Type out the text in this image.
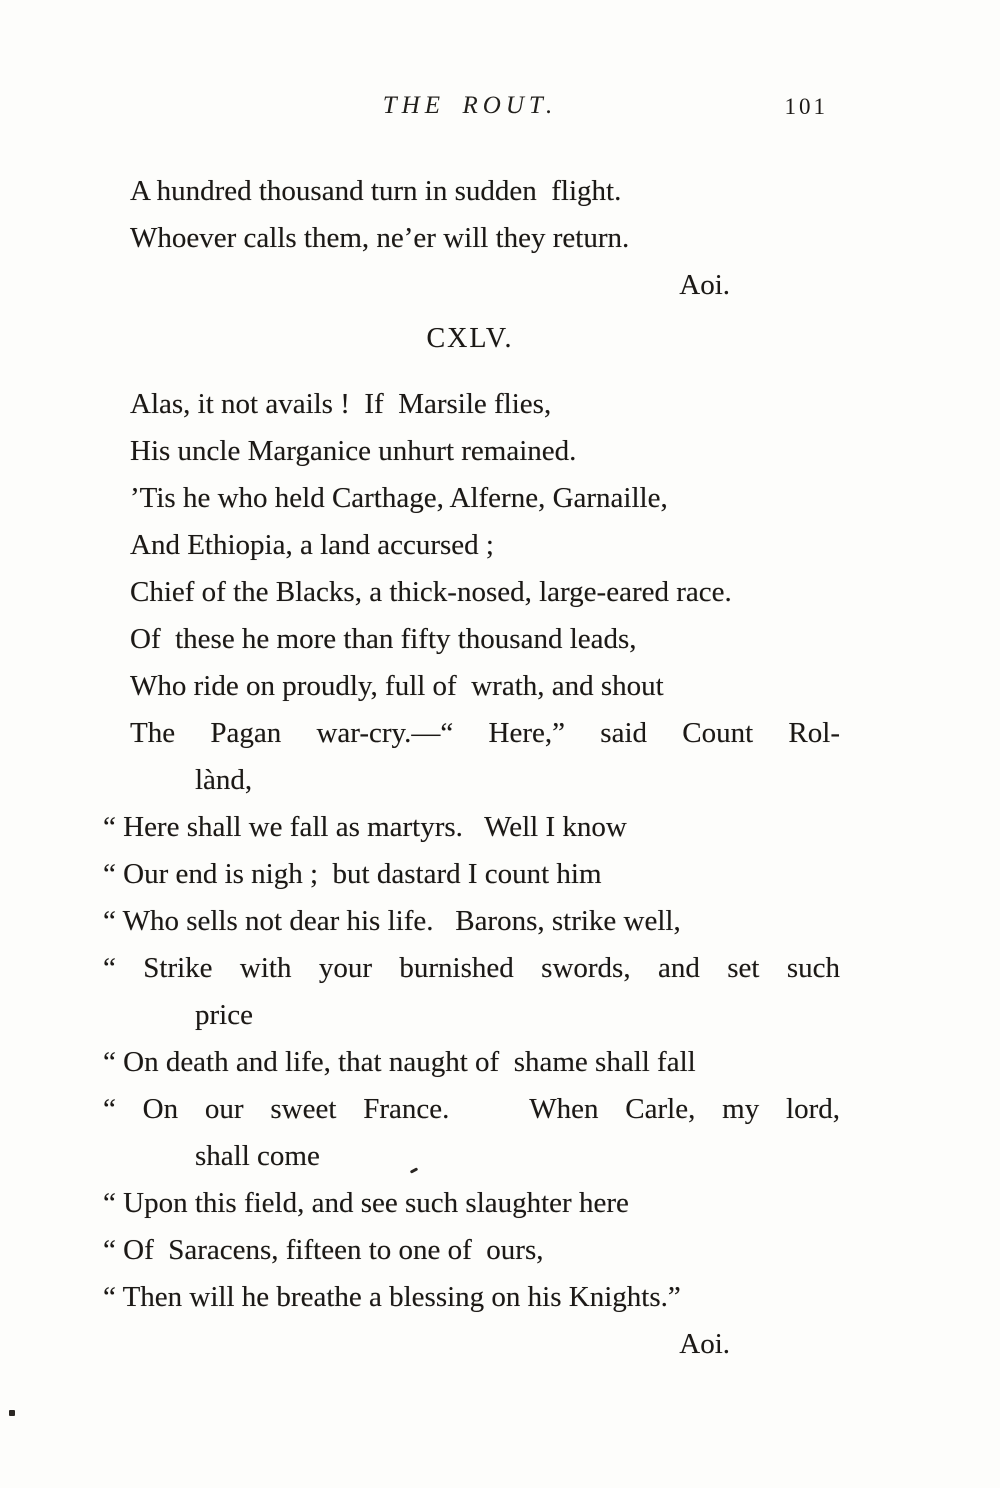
THE ROUT.	101
A hundred thousand turn in sudden  flight.
Whoever calls them, ne’er will they return.
Aoi.
CXLV.
Alas, it not avails !  If  Marsile flies,
His uncle Marganice unhurt remained.
’Tis he who held Carthage, Alferne, Garnaille,
And Ethiopia, a land accursed ;
Chief of the Blacks, a thick-nosed, large-eared race.
Of  these he more than fifty thousand leads,
Who ride on proudly, full of  wrath, and shout
The Pagan war-cry.—“ Here,” said Count Rol-
lànd,
“ Here shall we fall as martyrs.   Well I know
“ Our end is nigh ;  but dastard I count him
“ Who sells not dear his life.   Barons, strike well,
“ Strike with your burnished swords, and set such
price
“ On death and life, that naught of  shame shall fall
“ On our sweet France.   When Carle, my lord,
shall come
“ Upon this field, and see such slaughter here
“ Of  Saracens, fifteen to one of  ours,
“ Then will he breathe a blessing on his Knights.”
Aoi.
